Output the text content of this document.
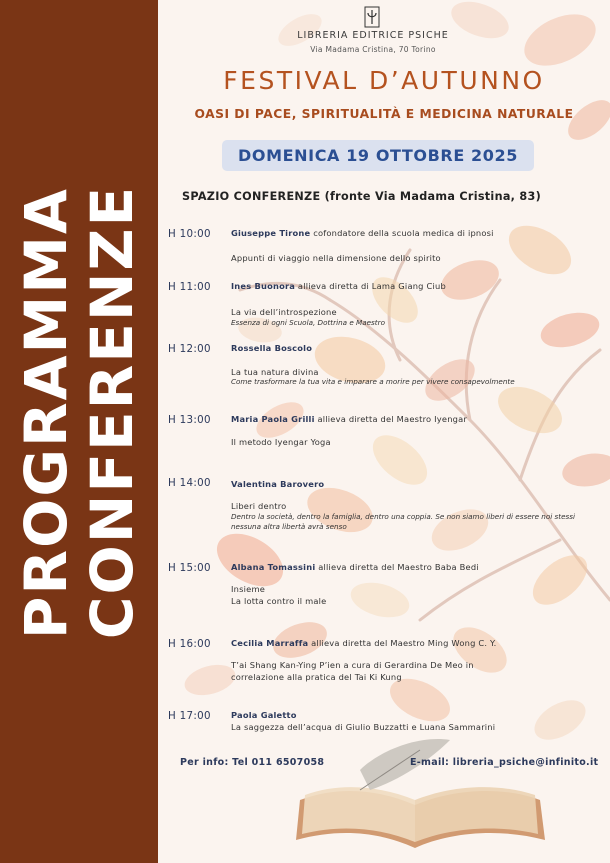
PROGRAMMA
CONFERENZE
LIBRERIA EDITRICE PSICHE
Via Madama Cristina, 70 Torino
FESTIVAL D’AUTUNNO
OASI DI PACE, SPIRITUALITÀ E MEDICINA NATURALE
DOMENICA 19 OTTOBRE 2025
SPAZIO CONFERENZE (fronte Via Madama Cristina, 83)
H 10:00	Giuseppe Tirone cofondatore della scuola medica di ipnosi
Appunti di viaggio nella dimensione dello spirito
H 11:00	Ines Buonora allieva diretta di Lama Giang Ciub
La via dell’introspezione
Essenza di ogni Scuola, Dottrina e Maestro
H 12:00	Rossella Boscolo
La tua natura divina
Come trasformare la tua vita e imparare a morire per vivere consapevolmente
H 13:00	Maria Paola Grilli allieva diretta del Maestro Iyengar
Il metodo Iyengar Yoga
H 14:00	Valentina Barovero
Liberi dentro
Dentro la società, dentro la famiglia, dentro una coppia. Se non siamo liberi di essere noi stessi nessuna altra libertà avrà senso
H 15:00	Albana Tomassini allieva diretta del Maestro Baba Bedi
Insieme
La lotta contro il male
H 16:00	Cecilia Marraffa allieva diretta del Maestro Ming Wong C. Y.
T’ai Shang Kan-Ying P’ien a cura di Gerardina De Meo in
correlazione alla pratica del Tai Ki Kung
H 17:00	Paola Galetto
La saggezza dell’acqua di Giulio Buzzatti e Luana Sammarini
Per info: Tel 011 6507058	E-mail: libreria_psiche@infinito.it
